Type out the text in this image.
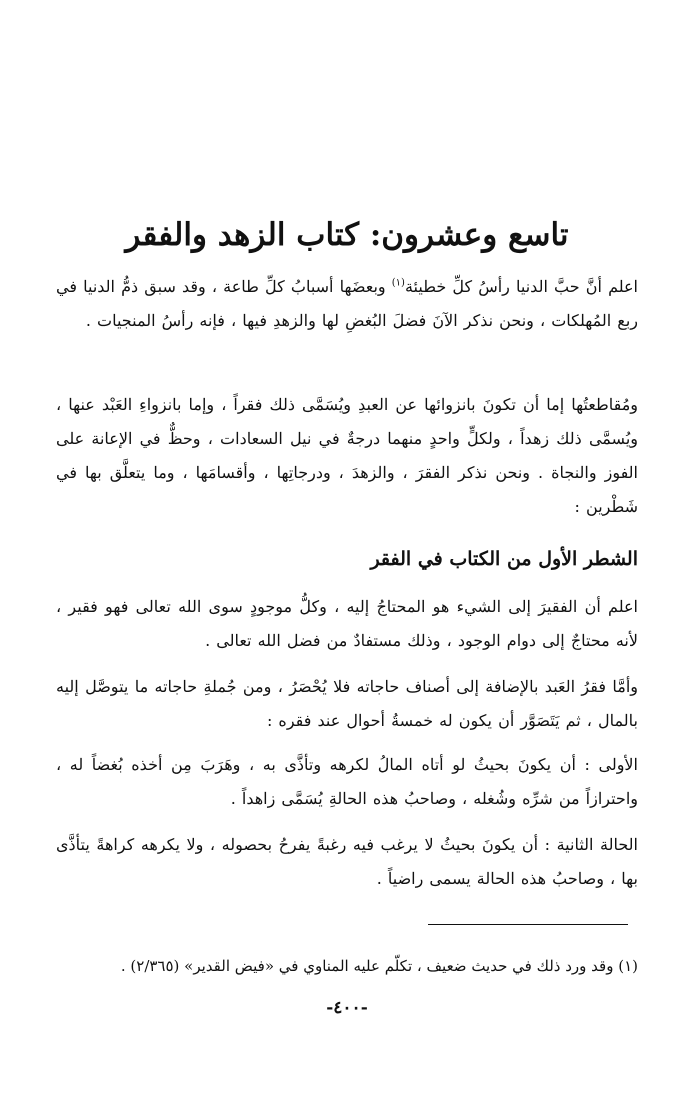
تاسع وعشرون: كتاب الزهد والفقر

اعلم أنَّ حبَّ الدنيا رأسُ كلِّ خطيئة$^{(١)}$ وبعضَها أسبابُ كلِّ طاعة ، وقد سبق ذمُّ الدنيا في ربع المُهلكات ، ونحن نذكر الآنَ فضلَ البُغضِ لها والزهدِ فيها ، فإنه رأسُ المنجيات .

ومُقاطعتُها إما أن تكونَ بانزوائها عن العبدِ ويُسَمَّى ذلك فقراً ، وإما بانزواءِ العَبْد عنها ، ويُسمَّى ذلك زهداً ، ولكلٍّ واحدٍ منهما درجةٌ في نيل السعادات ، وحظٌّ في الإعانة على الفوز والنجاة . ونحن نذكر الفقرَ ، والزهدَ ، ودرجاتِها ، وأقسامَها ، وما يتعلَّق بها في شَطْرين :

الشطر الأول من الكتاب في الفقر

اعلم أن الفقيرَ إلى الشيء هو المحتاجُ إليه ، وكلُّ موجودٍ سوى الله تعالى فهو فقير ، لأنه محتاجٌ إلى دوام الوجود ، وذلك مستفادٌ من فضل الله تعالى .

وأمَّا فقرُ العَبد بالإضافة إلى أصناف حاجاته فلا يُحْصَرُ ، ومن جُملةِ حاجاته ما يتوصَّل إليه بالمال ، ثم يَتَصَوَّر أن يكون له خمسةُ أحوال عند فقره :

الأولى : أن يكونَ بحيثُ لو أتاه المالُ لكرهه وتأذَّى به ، وهَرَبَ مِن أخذه بُغضاً له ، واحترازاً من شرِّه وشُغله ، وصاحبُ هذه الحالةِ يُسَمَّى زاهداً .

الحالة الثانية : أن يكونَ بحيثُ لا يرغب فيه رغبةً يفرحُ بحصوله ، ولا يكرهه كراهةً يتأذَّى بها ، وصاحبُ هذه الحالة يسمى راضياً .

(١) وقد ورد ذلك في حديث ضعيف ، تكلّم عليه المناوي في «فيض القدير» (٢/٣٦٥) .

-٤٠٠-
